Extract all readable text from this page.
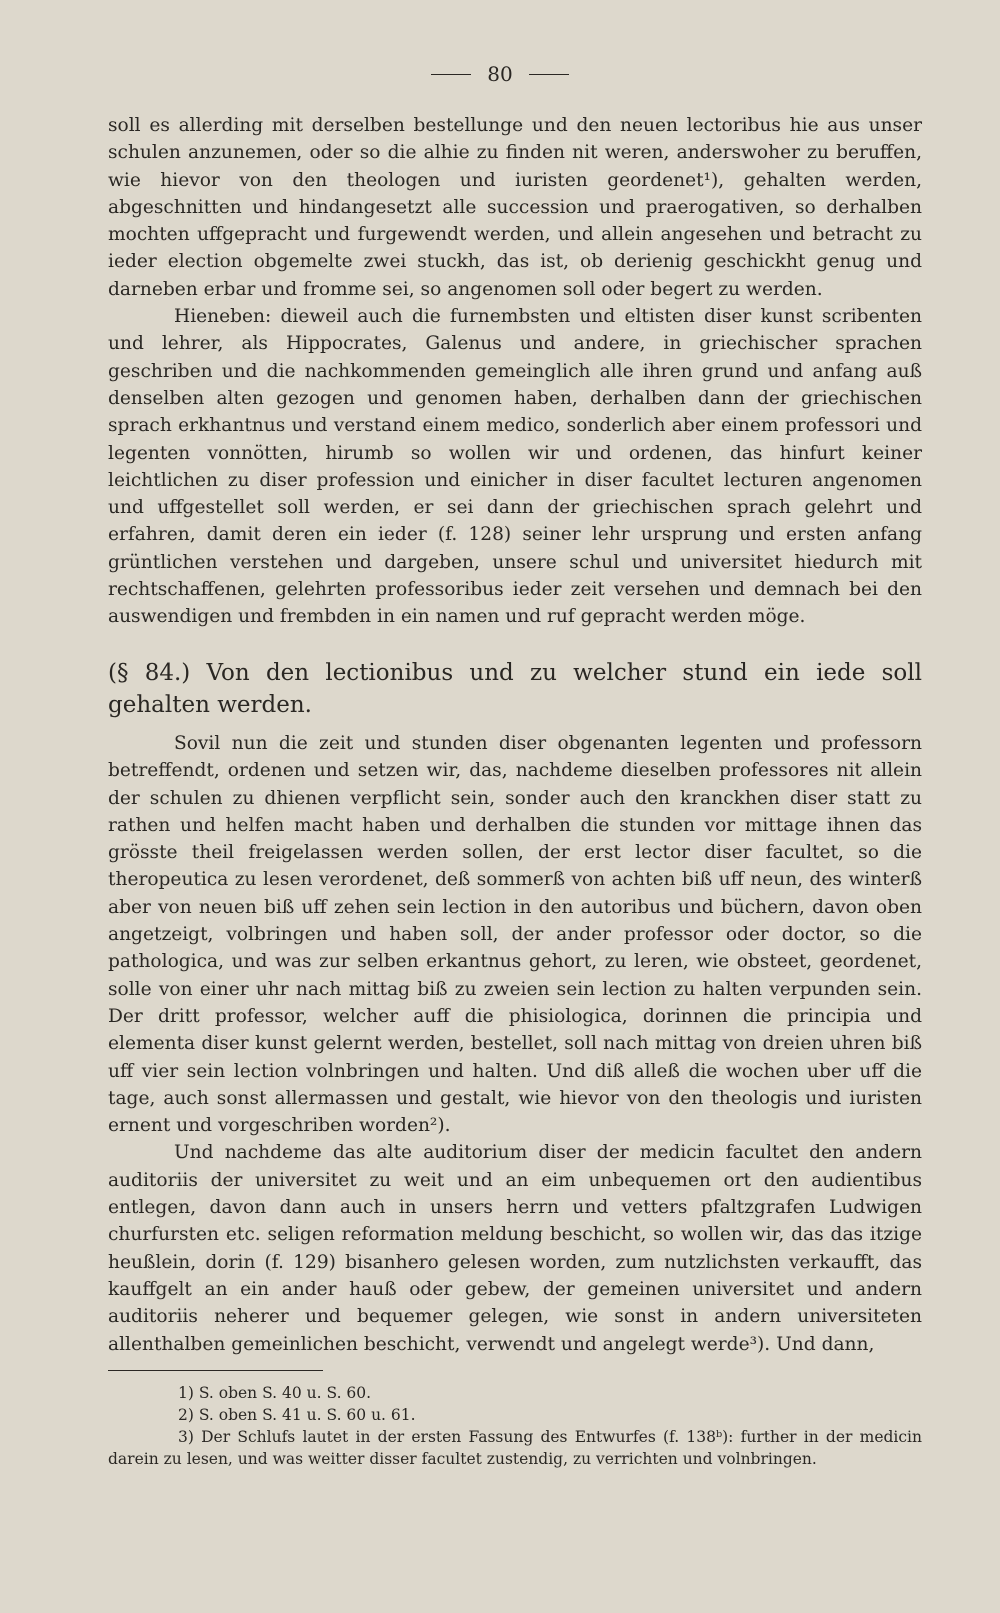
80

soll es allerding mit derselben bestellunge und den neuen lectoribus hie aus unser schulen anzunemen, oder so die alhie zu finden nit weren, anderswoher zu beruffen, wie hievor von den theologen und iuristen geordenet¹), gehalten werden, abgeschnitten und hindangesetzt alle succession und praerogativen, so derhalben mochten uffgepracht und furgewendt werden, und allein angesehen und betracht zu ieder election obgemelte zwei stuckh, das ist, ob derienig geschickht genug und darneben erbar und fromme sei, so angenomen soll oder begert zu werden.

Hieneben: dieweil auch die furnembsten und eltisten diser kunst scribenten und lehrer, als Hippocrates, Galenus und andere, in griechischer sprachen geschriben und die nachkommenden gemeinglich alle ihren grund und anfang auß denselben alten gezogen und genomen haben, derhalben dann der griechischen sprach erkhantnus und verstand einem medico, sonderlich aber einem professori und legenten vonnötten, hirumb so wollen wir und ordenen, das hinfurt keiner leichtlichen zu diser profession und einicher in diser facultet lecturen angenomen und uffgestellet soll werden, er sei dann der griechischen sprach gelehrt und erfahren, damit deren ein ieder (f. 128) seiner lehr ursprung und ersten anfang grüntlichen verstehen und dargeben, unsere schul und universitet hiedurch mit rechtschaffenen, gelehrten professoribus ieder zeit versehen und demnach bei den auswendigen und frembden in ein namen und ruf gepracht werden möge.

(§ 84.) Von den lectionibus und zu welcher stund ein iede soll gehalten werden.

Sovil nun die zeit und stunden diser obgenanten legenten und professorn betreffendt, ordenen und setzen wir, das, nachdeme dieselben professores nit allein der schulen zu dhienen verpflicht sein, sonder auch den kranckhen diser statt zu rathen und helfen macht haben und derhalben die stunden vor mittage ihnen das grösste theil freigelassen werden sollen, der erst lector diser facultet, so die theropeutica zu lesen verordenet, deß sommerß von achten biß uff neun, des winterß aber von neuen biß uff zehen sein lection in den autoribus und büchern, davon oben angetzeigt, volbringen und haben soll, der ander professor oder doctor, so die pathologica, und was zur selben erkantnus gehort, zu leren, wie obsteet, geordenet, solle von einer uhr nach mittag biß zu zweien sein lection zu halten verpunden sein. Der dritt professor, welcher auff die phisiologica, dorinnen die principia und elementa diser kunst gelernt werden, bestellet, soll nach mittag von dreien uhren biß uff vier sein lection volnbringen und halten. Und diß alleß die wochen uber uff die tage, auch sonst allermassen und gestalt, wie hievor von den theologis und iuristen ernent und vorgeschriben worden²).

Und nachdeme das alte auditorium diser der medicin facultet den andern auditoriis der universitet zu weit und an eim unbequemen ort den audientibus entlegen, davon dann auch in unsers herrn und vetters pfaltzgrafen Ludwigen churfursten etc. seligen reformation meldung beschicht, so wollen wir, das das itzige heußlein, dorin (f. 129) bisanhero gelesen worden, zum nutzlichsten verkaufft, das kauffgelt an ein ander hauß oder gebew, der gemeinen universitet und andern auditoriis neherer und bequemer gelegen, wie sonst in andern universiteten allenthalben gemeinlichen beschicht, verwendt und angelegt werde³). Und dann,

1) S. oben S. 40 u. S. 60.

2) S. oben S. 41 u. S. 60 u. 61.

3) Der Schlufs lautet in der ersten Fassung des Entwurfes (f. 138ᵇ): further in der medicin darein zu lesen, und was weitter disser facultet zustendig, zu verrichten und volnbringen.
